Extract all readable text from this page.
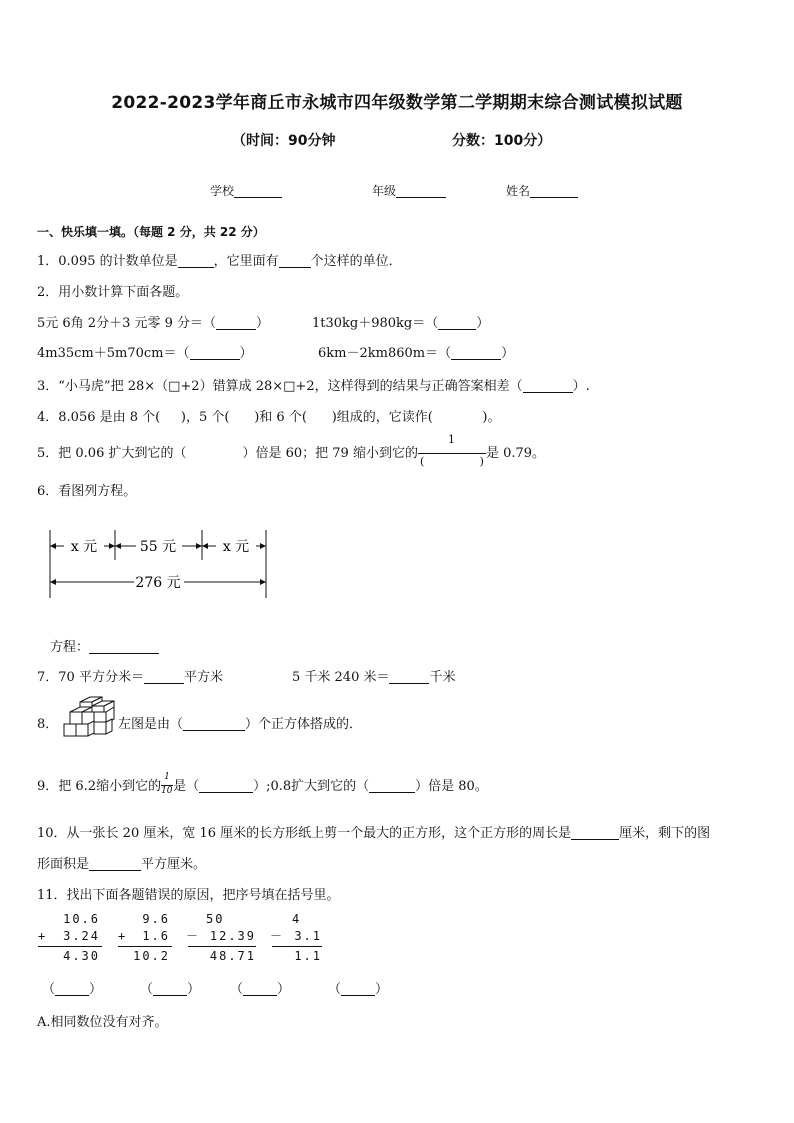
2022-2023学年商丘市永城市四年级数学第二学期期末综合测试模拟试题
（时间：90分钟	分数：100分）
学校	年级	姓名
一、快乐填一填。（每题 2 分，共 22 分）
1．0.095 的计数单位是	，它里面有 个这样的单位．
2．用小数计算下面各题。
5元 6角 2分＋3 元零 9 分＝（	）	1t30kg＋980kg＝（	）
4m35cm＋5m70cm＝（	）	6km－2km860m＝（	）
3．“小马虎”把 28×（□+2）错算成 28×□+2，这样得到的结果与正确答案相差（	）.
4．8.056 是由 8 个(     )，5 个(      )和 6 个(      )组成的，它读作(            )。
5．把 0.06 扩大到它的（	）倍是 60；把 79 缩小到它的
1
(	) 是 0.79。
6．看图列方程。
x 元	55 元	x 元
276 元
方程：
7．70 平方分米＝	平方米	5 千米 240 米＝	千米
8．	左图是由（	）个正方体搭成的．
9．把 6.2缩小到它的 $\frac{1}{10}$ 是（	）;0.8扩大到它的（	）倍是 80。
10．从一张长 20 厘米，宽 16 厘米的长方形纸上剪一个最大的正方形，这个正方形的周长是	厘米，剩下的图
形面积是	平方厘米。
11．找出下面各题错误的原因，把序号填在括号里。
10.6
+	3.24
4.30
9.6
+	1.6
10.2
50
－ 12.39
48.71
4
－ 3.1
1.1
（	）	（	） （	）	（	）
A.相同数位没有对齐。
